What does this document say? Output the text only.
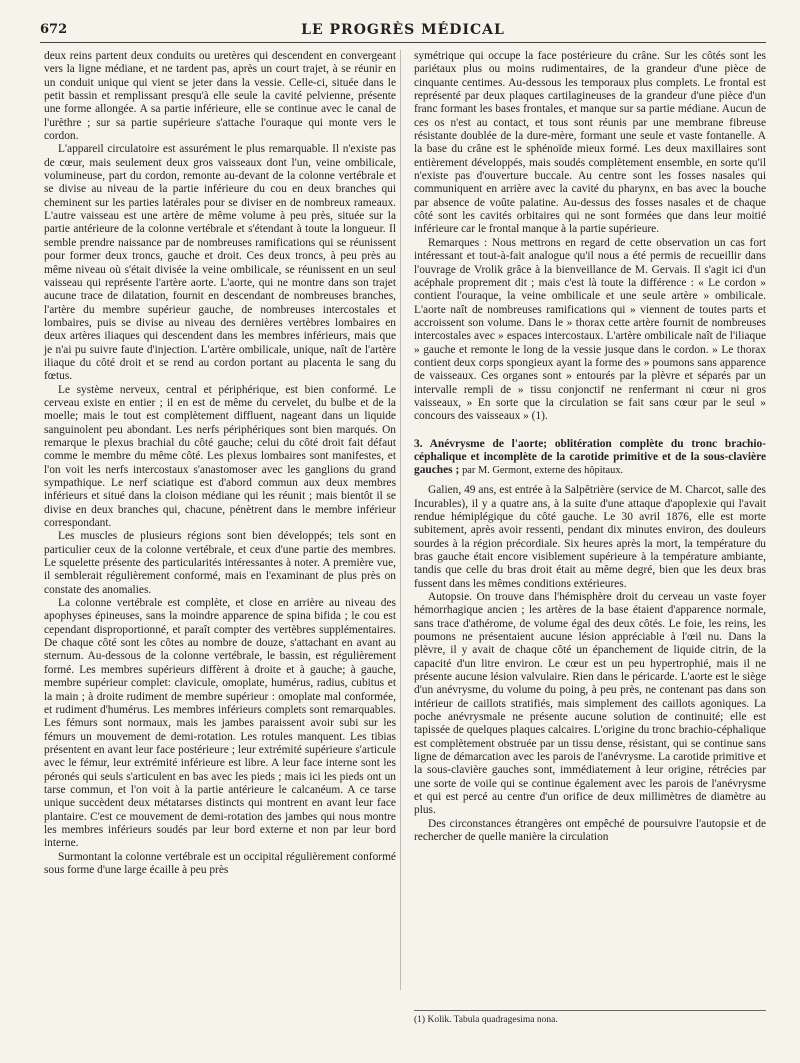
672	LE PROGRÈS MÉDICAL

deux reins partent deux conduits ou uretères qui descendent en convergeant vers la ligne médiane, et ne tardent pas, après un court trajet, à se réunir en un conduit unique qui vient se jeter dans la vessie. Celle-ci, située dans le petit bassin et remplissant presqu'à elle seule la cavité pelvienne, présente une forme allongée. A sa partie inférieure, elle se continue avec le canal de l'urèthre ; sur sa partie supérieure s'attache l'ouraque qui monte vers le cordon.

L'appareil circulatoire est assurément le plus remarquable. Il n'existe pas de cœur, mais seulement deux gros vaisseaux dont l'un, veine ombilicale, volumineuse, part du cordon, remonte au-devant de la colonne vertébrale et se divise au niveau de la partie inférieure du cou en deux branches qui cheminent sur les parties latérales pour se diviser en de nombreux rameaux. L'autre vaisseau est une artère de même volume à peu près, située sur la partie antérieure de la colonne vertébrale et s'étendant à toute la longueur. Il semble prendre naissance par de nombreuses ramifications qui se réunissent pour former deux troncs, gauche et droit. Ces deux troncs, à peu près au même niveau où s'était divisée la veine ombilicale, se réunissent en un seul vaisseau qui représente l'artère aorte. L'aorte, qui ne montre dans son trajet aucune trace de dilatation, fournit en descendant de nombreuses branches, l'artère du membre supérieur gauche, de nombreuses intercostales et lombaires, puis se divise au niveau des dernières vertèbres lombaires en deux artères iliaques qui descendent dans les membres inférieurs, mais que je n'ai pu suivre faute d'injection. L'artère ombilicale, unique, naît de l'artère iliaque du côté droit et se rend au cordon portant au placenta le sang du fœtus.

Le système nerveux, central et périphérique, est bien conformé. Le cerveau existe en entier ; il en est de même du cervelet, du bulbe et de la moelle; mais le tout est complètement diffluent, nageant dans un liquide sanguinolent peu abondant. Les nerfs périphériques sont bien marqués. On remarque le plexus brachial du côté gauche; celui du côté droit fait défaut comme le membre du même côté. Les plexus lombaires sont manifestes, et l'on voit les nerfs intercostaux s'anastomoser avec les ganglions du grand sympathique. Le nerf sciatique est d'abord commun aux deux membres inférieurs et situé dans la cloison médiane qui les réunit ; mais bientôt il se divise en deux branches qui, chacune, pénètrent dans le membre inférieur correspondant.

Les muscles de plusieurs régions sont bien développés; tels sont en particulier ceux de la colonne vertébrale, et ceux d'une partie des membres. Le squelette présente des particularités intéressantes à noter. A première vue, il semblerait régulièrement conformé, mais en l'examinant de plus près on constate des anomalies.

La colonne vertébrale est complète, et close en arrière au niveau des apophyses épineuses, sans la moindre apparence de spina bifida ; le cou est cependant disproportionné, et paraît compter des vertèbres supplémentaires. De chaque côté sont les côtes au nombre de douze, s'attachant en avant au sternum. Au-dessous de la colonne vertébrale, le bassin, est régulièrement formé. Les membres supérieurs diffèrent à droite et à gauche; à gauche, membre supérieur complet: clavicule, omoplate, humérus, radius, cubitus et la main ; à droite rudiment de membre supérieur : omoplate mal conformée, et rudiment d'humérus. Les membres inférieurs complets sont remarquables. Les fémurs sont normaux, mais les jambes paraissent avoir subi sur les fémurs un mouvement de demi-rotation. Les rotules manquent. Les tibias présentent en avant leur face postérieure ; leur extrémité supérieure s'articule avec le fémur, leur extrémité inférieure est libre. A leur face interne sont les péronés qui seuls s'articulent en bas avec les pieds ; mais ici les pieds ont un tarse commun, et l'on voit à la partie antérieure le calcanéum. A ce tarse unique succèdent deux métatarses distincts qui montrent en avant leur face plantaire. C'est ce mouvement de demi-rotation des jambes qui nous montre les membres inférieurs soudés par leur bord externe et non par leur bord interne.

Surmontant la colonne vertébrale est un occipital régulièrement conformé sous forme d'une large écaille à peu près

symétrique qui occupe la face postérieure du crâne. Sur les côtés sont les pariétaux plus ou moins rudimentaires, de la grandeur d'une pièce de cinquante centimes. Au-dessous les temporaux plus complets. Le frontal est représenté par deux plaques cartilagineuses de la grandeur d'une pièce d'un franc formant les bases frontales, et manque sur sa partie médiane. Aucun de ces os n'est au contact, et tous sont réunis par une membrane fibreuse résistante doublée de la dure-mère, formant une seule et vaste fontanelle. A la base du crâne est le sphénoïde mieux formé. Les deux maxillaires sont entièrement développés, mais soudés complètement ensemble, en sorte qu'il n'existe pas d'ouverture buccale. Au centre sont les fosses nasales qui communiquent en arrière avec la cavité du pharynx, en bas avec la bouche par absence de voûte palatine. Au-dessus des fosses nasales et de chaque côté sont les cavités orbitaires qui ne sont formées que dans leur moitié inférieure car le frontal manque à la partie supérieure.

Remarques : Nous mettrons en regard de cette observation un cas fort intéressant et tout-à-fait analogue qu'il nous a été permis de recueillir dans l'ouvrage de Vrolik grâce à la bienveillance de M. Gervais. Il s'agit ici d'un acéphale proprement dit ; mais c'est là toute la différence : « Le cordon » contient l'ouraque, la veine ombilicale et une seule artère » ombilicale. L'aorte naît de nombreuses ramifications qui » viennent de toutes parts et accroissent son volume. Dans le » thorax cette artère fournit de nombreuses intercostales avec » espaces intercostaux. L'artère ombilicale naît de l'iliaque » gauche et remonte le long de la vessie jusque dans le cordon. » Le thorax contient deux corps spongieux ayant la forme des » poumons sans apparence de vaisseaux. Ces organes sont » entourés par la plèvre et séparés par un intervalle rempli de » tissu conjonctif ne renfermant ni cœur ni gros vaisseaux, » En sorte que la circulation se fait sans cœur par le seul » concours des vaisseaux » (1).

3. Anévrysme de l'aorte; oblitération complète du tronc brachio-céphalique et incomplète de la carotide primitive et de la sous-clavière gauches ; par M. Germont, externe des hôpitaux.

Galien, 49 ans, est entrée à la Salpêtrière (service de M. Charcot, salle des Incurables), il y a quatre ans, à la suite d'une attaque d'apoplexie qui l'avait rendue hémiplégique du côté gauche. Le 30 avril 1876, elle est morte subitement, après avoir ressenti, pendant dix minutes environ, des douleurs sourdes à la région précordiale. Six heures après la mort, la température du bras gauche était encore visiblement supérieure à la température ambiante, tandis que celle du bras droit était au même degré, bien que les deux bras fussent dans les mêmes conditions extérieures.

Autopsie. On trouve dans l'hémisphère droit du cerveau un vaste foyer hémorrhagique ancien ; les artères de la base étaient d'apparence normale, sans trace d'athérome, de volume égal des deux côtés. Le foie, les reins, les poumons ne présentaient aucune lésion appréciable à l'œil nu. Dans la plèvre, il y avait de chaque côté un épanchement de liquide citrin, de la capacité d'un litre environ. Le cœur est un peu hypertrophié, mais il ne présente aucune lésion valvulaire. Rien dans le péricarde. L'aorte est le siège d'un anévrysme, du volume du poing, à peu près, ne contenant pas dans son intérieur de caillots stratifiés, mais simplement des caillots agoniques. La poche anévrysmale ne présente aucune solution de continuité; elle est tapissée de quelques plaques calcaires. L'origine du tronc brachio-céphalique est complètement obstruée par un tissu dense, résistant, qui se continue sans ligne de démarcation avec les parois de l'anévrysme. La carotide primitive et la sous-clavière gauches sont, immédiatement à leur origine, rétrécies par une sorte de voile qui se continue également avec les parois de l'anévrysme et qui est percé au centre d'un orifice de deux millimètres de diamètre au plus.

Des circonstances étrangères ont empêché de poursuivre l'autopsie et de rechercher de quelle manière la circulation

(1) Kolik. Tabula quadragesima nona.
